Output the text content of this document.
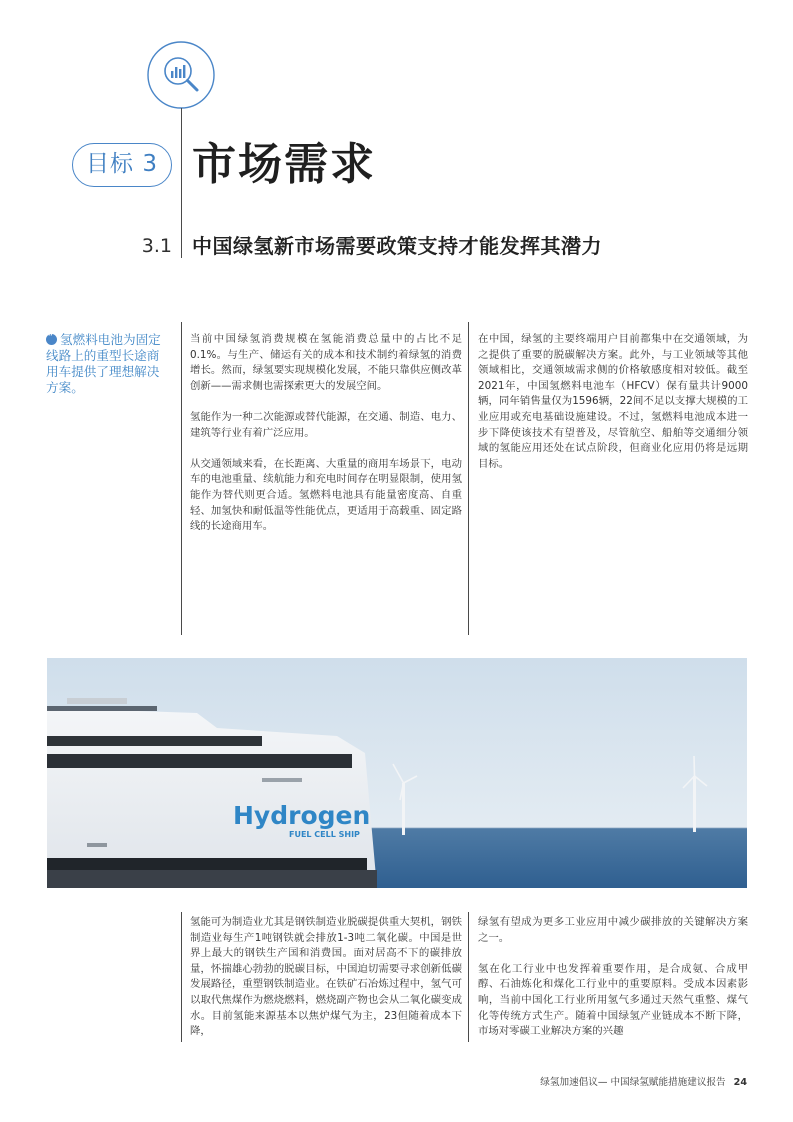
目标 3 市场需求
3.1 中国绿氢新市场需要政策支持才能发挥其潜力
“氢燃料电池为固定线路上的重型长途商用车提供了理想解决方案。

当前中国绿氢消费规模在氢能消费总量中的占比不足0.1%。与生产、储运有关的成本和技术制约着绿氢的消费增长。然而，绿氢要实现规模化发展，不能只靠供应侧改革创新——需求侧也需探索更大的发展空间。

氢能作为一种二次能源或替代能源，在交通、制造、电力、建筑等行业有着广泛应用。

从交通领域来看，在长距离、大重量的商用车场景下，电动车的电池重量、续航能力和充电时间存在明显限制，使用氢能作为替代则更合适。氢燃料电池具有能量密度高、自重轻、加氢快和耐低温等性能优点，更适用于高载重、固定路线的长途商用车。

在中国，绿氢的主要终端用户目前都集中在交通领域，为之提供了重要的脱碳解决方案。此外，与工业领域等其他领域相比，交通领域需求侧的价格敏感度相对较低。截至2021年，中国氢燃料电池车（HFCV）保有量共计9000辆，同年销售量仅为1596辆，22间不足以支撑大规模的工业应用或充电基础设施建设。不过，氢燃料电池成本进一步下降使该技术有望普及，尽管航空、船舶等交通细分领域的氢能应用还处在试点阶段，但商业化应用仍将是远期目标。

Hydrogen
FUEL CELL SHIP

氢能可为制造业尤其是钢铁制造业脱碳提供重大契机，钢铁制造业每生产1吨钢铁就会排放1-3吨二氧化碳。中国是世界上最大的钢铁生产国和消费国。面对居高不下的碳排放量，怀揣雄心勃勃的脱碳目标，中国迫切需要寻求创新低碳发展路径，重塑钢铁制造业。在铁矿石冶炼过程中，氢气可以取代焦煤作为燃烧燃料，燃烧副产物也会从二氧化碳变成水。目前氢能来源基本以焦炉煤气为主，23但随着成本下降，

绿氢有望成为更多工业应用中减少碳排放的关键解决方案之一。

氢在化工行业中也发挥着重要作用，是合成氨、合成甲醇、石油炼化和煤化工行业中的重要原料。受成本因素影响，当前中国化工行业所用氢气多通过天然气重整、煤气化等传统方式生产。随着中国绿氢产业链成本不断下降，市场对零碳工业解决方案的兴趣

绿氢加速倡议— 中国绿氢赋能措施建议报告 24
